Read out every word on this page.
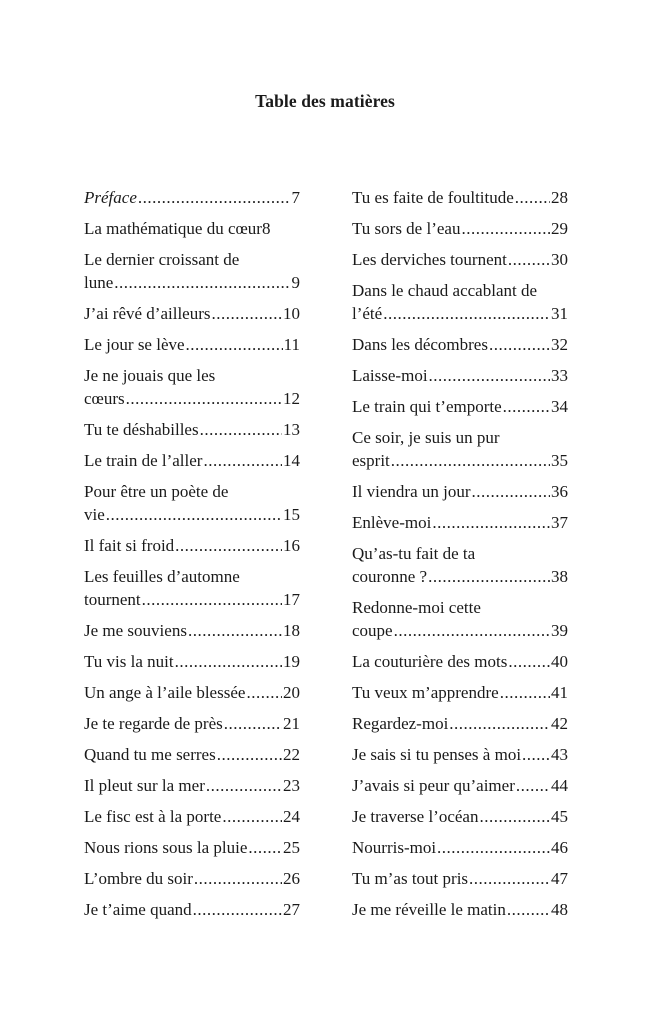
Table des matières
Préface .....	7
La mathématique du cœur 8
Le dernier croissant de
lune .....	9
J’ai rêvé d’ailleurs .....	10
Le jour se lève .....	11
Je ne jouais que les
cœurs .....	12
Tu te déshabilles .....	13
Le train de l’aller .....	14
Pour être un poète de
vie .....	15
Il fait si froid .....	16
Les feuilles d’automne
tournent .....	17
Je me souviens .....	18
Tu vis la nuit .....	19
Un ange à l’aile blessée ..... 20
Je te regarde de près .....	21
Quand tu me serres .....	22
Il pleut sur la mer .....	23
Le fisc est à la porte .....	24
Nous rions sous la pluie ..... 25
L’ombre du soir .....	26
Je t’aime quand .....	27
Tu es faite de foultitude ..... 28
Tu sors de l’eau .....	29
Les derviches tournent .....	30
Dans le chaud accablant de
l’été .....	31
Dans les décombres .....	32
Laisse-moi .....	33
Le train qui t’emporte .....	34
Ce soir, je suis un pur
esprit .....	35
Il viendra un jour .....	36
Enlève-moi .....	37
Qu’as-tu fait de ta
couronne ? .....	38
Redonne-moi cette
coupe .....	39
La couturière des mots .....	40
Tu veux m’apprendre .....	41
Regardez-moi .....	42
Je sais si tu penses à moi ..... 43
J’avais si peur qu’aimer ..... 44
Je traverse l’océan .....	45
Nourris-moi .....	46
Tu m’as tout pris .....	47
Je me réveille le matin .....	48
